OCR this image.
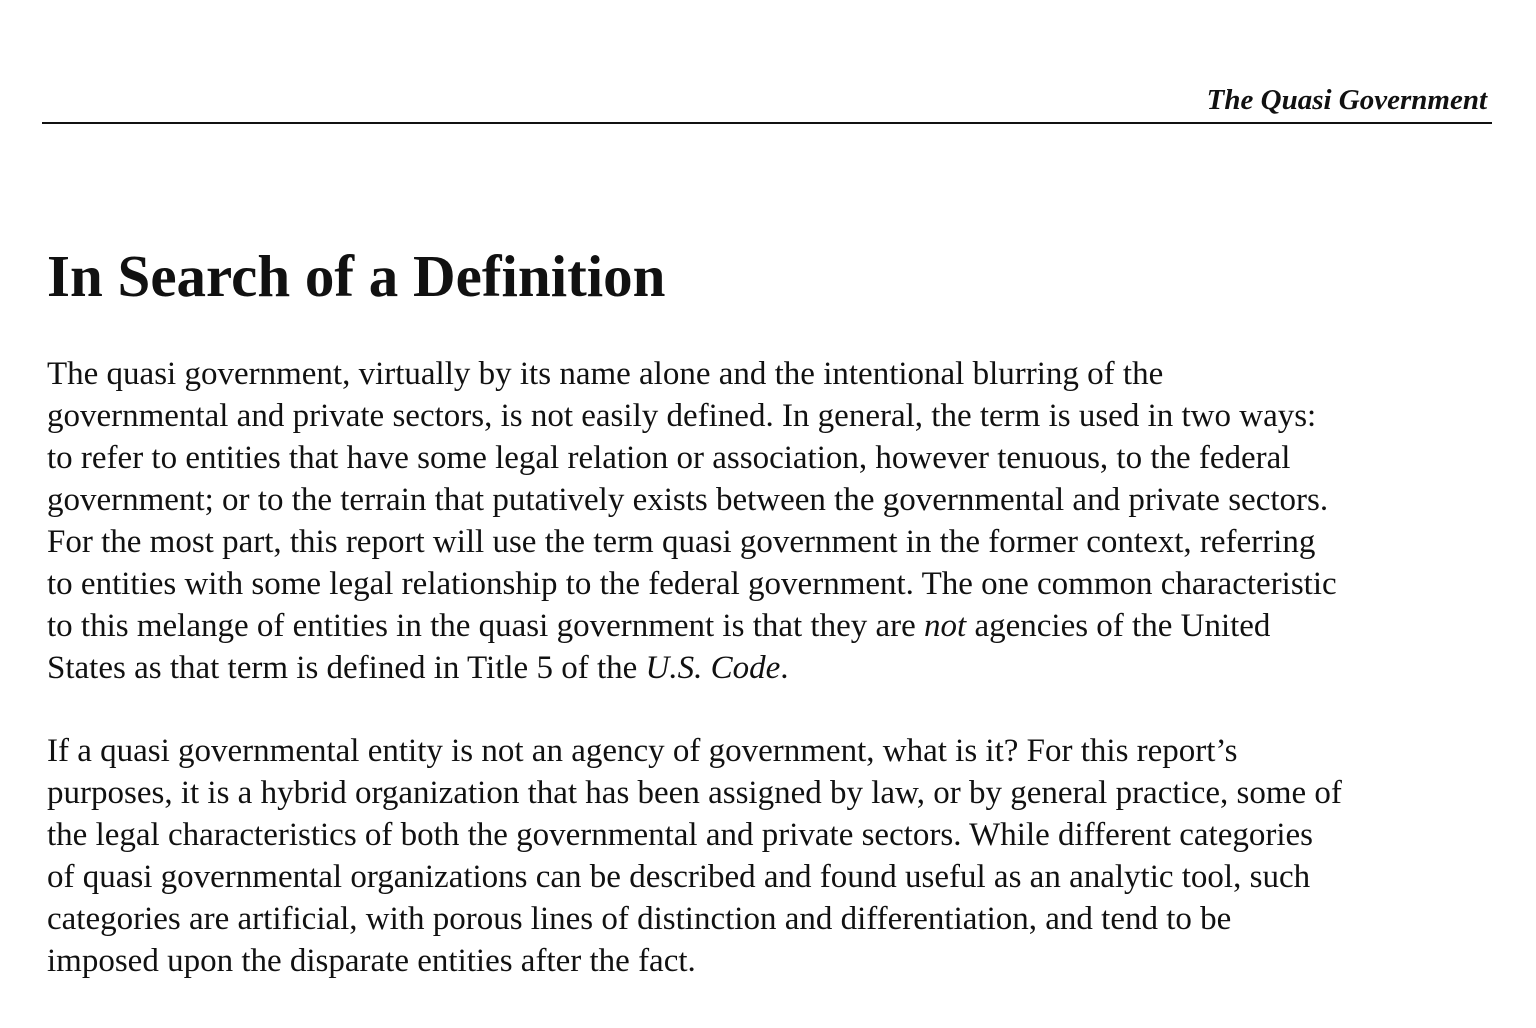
The Quasi Government
In Search of a Definition

The quasi government, virtually by its name alone and the intentional blurring of the
governmental and private sectors, is not easily defined. In general, the term is used in two ways:
to refer to entities that have some legal relation or association, however tenuous, to the federal
government; or to the terrain that putatively exists between the governmental and private sectors.
For the most part, this report will use the term quasi government in the former context, referring
to entities with some legal relationship to the federal government. The one common characteristic
to this melange of entities in the quasi government is that they are not agencies of the United
States as that term is defined in Title 5 of the U.S. Code.

If a quasi governmental entity is not an agency of government, what is it? For this report’s
purposes, it is a hybrid organization that has been assigned by law, or by general practice, some of
the legal characteristics of both the governmental and private sectors. While different categories
of quasi governmental organizations can be described and found useful as an analytic tool, such
categories are artificial, with porous lines of distinction and differentiation, and tend to be
imposed upon the disparate entities after the fact.
